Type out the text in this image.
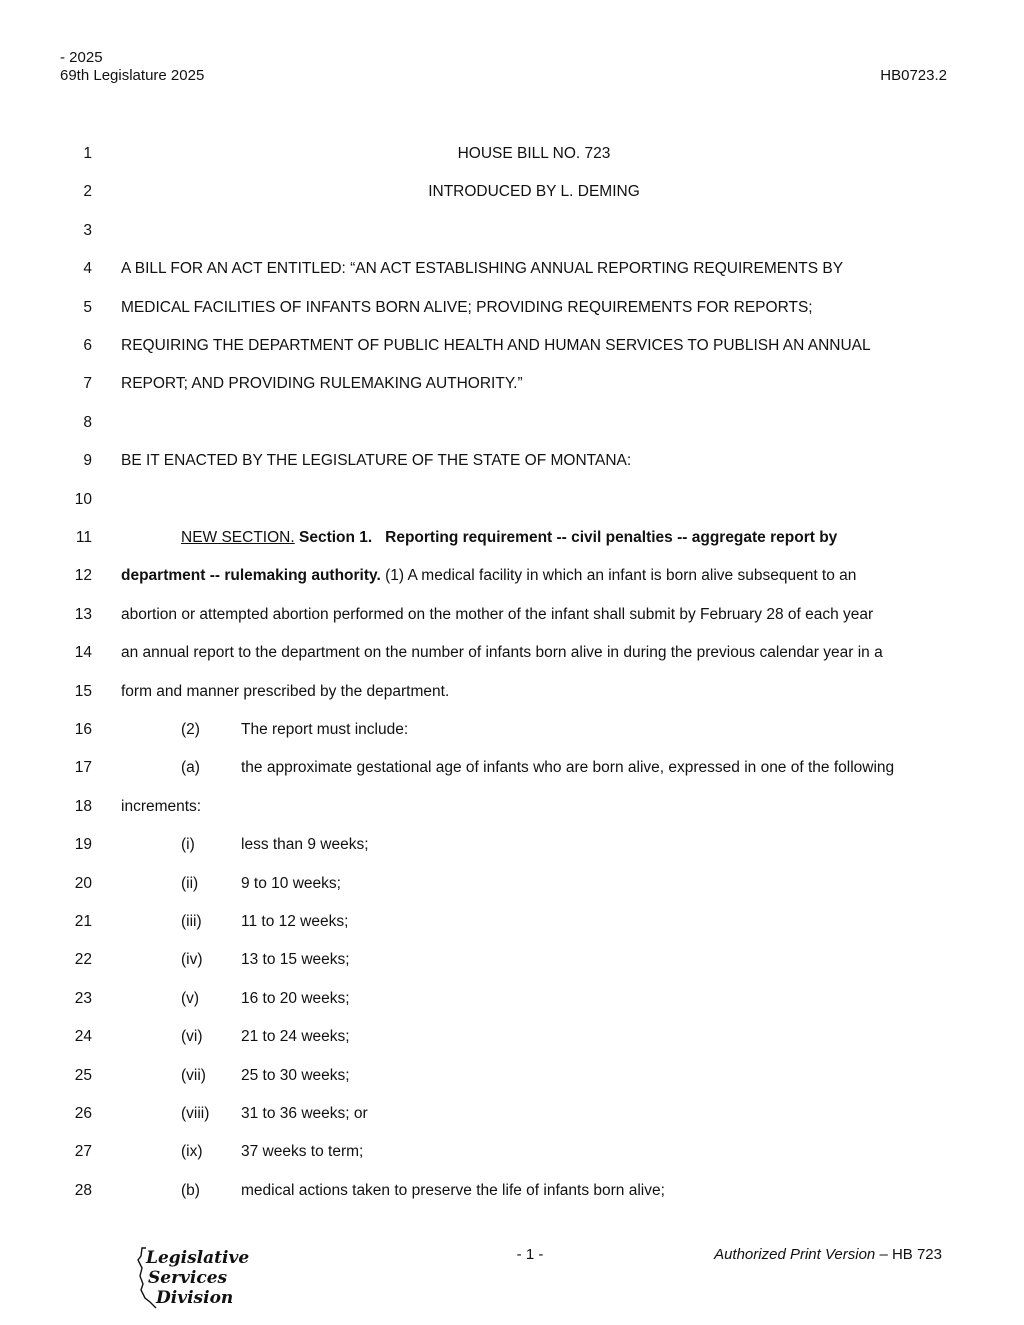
- 2025
69th Legislature 2025	HB0723.2
1	HOUSE BILL NO. 723
2	INTRODUCED BY L. DEMING
3
4 A BILL FOR AN ACT ENTITLED: “AN ACT ESTABLISHING ANNUAL REPORTING REQUIREMENTS BY
5 MEDICAL FACILITIES OF INFANTS BORN ALIVE; PROVIDING REQUIREMENTS FOR REPORTS;
6 REQUIRING THE DEPARTMENT OF PUBLIC HEALTH AND HUMAN SERVICES TO PUBLISH AN ANNUAL
7 REPORT; AND PROVIDING RULEMAKING AUTHORITY.”
8
9 BE IT ENACTED BY THE LEGISLATURE OF THE STATE OF MONTANA:
10
11	NEW SECTION. Section 1. Reporting requirement -- civil penalties -- aggregate report by
12 department -- rulemaking authority. (1) A medical facility in which an infant is born alive subsequent to an
13 abortion or attempted abortion performed on the mother of the infant shall submit by February 28 of each year
14 an annual report to the department on the number of infants born alive in during the previous calendar year in a
15 form and manner prescribed by the department.
16	(2)	The report must include:
17	(a)	the approximate gestational age of infants who are born alive, expressed in one of the following
18 increments:
19	(i)	less than 9 weeks;
20	(ii)	9 to 10 weeks;
21	(iii)	11 to 12 weeks;
22	(iv) 13 to 15 weeks;
23	(v)	16 to 20 weeks;
24	(vi) 21 to 24 weeks;
25	(vii) 25 to 30 weeks;
26	(viii) 31 to 36 weeks; or
27	(ix) 37 weeks to term;
28	(b)	medical actions taken to preserve the life of infants born alive;
- 1 -	Authorized Print Version – HB 723
Legislative
Services
Division
